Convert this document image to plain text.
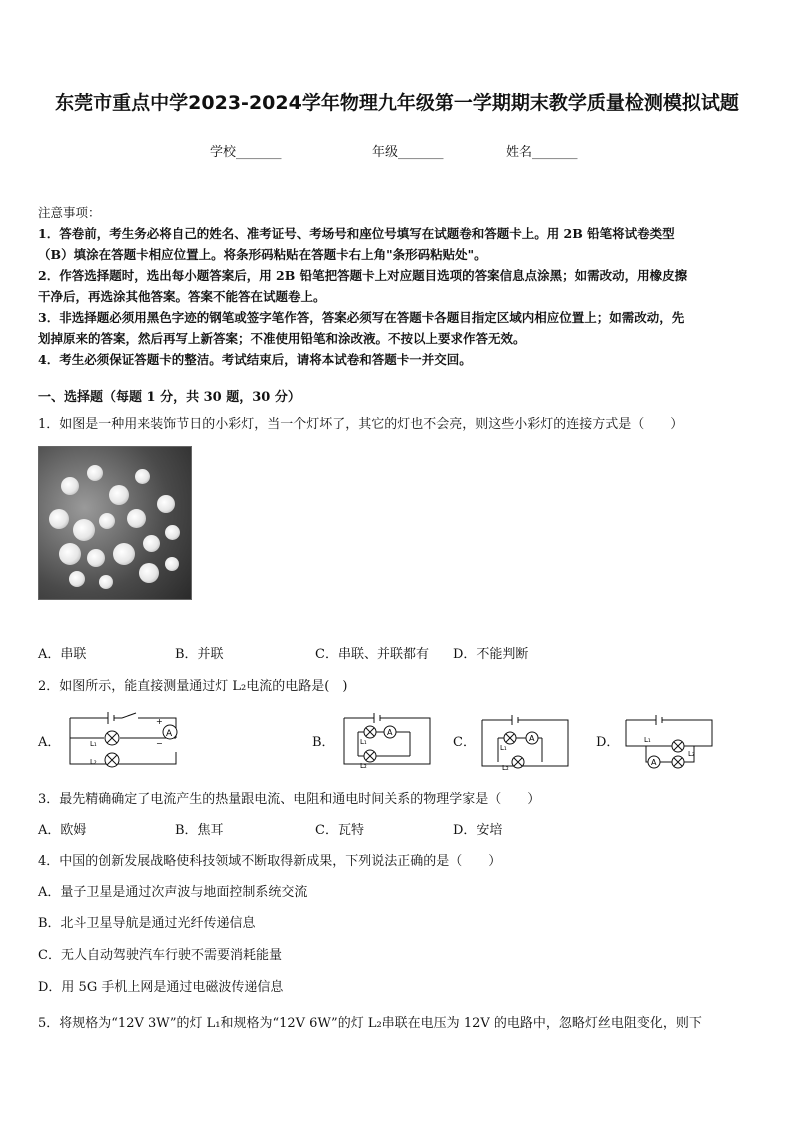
东莞市重点中学2023-2024学年物理九年级第一学期期末教学质量检测模拟试题
学校_______	年级_______	姓名_______
注意事项：
1．答卷前，考生务必将自己的姓名、准考证号、考场号和座位号填写在试题卷和答题卡上。用 2B 铅笔将试卷类型
（B）填涂在答题卡相应位置上。将条形码粘贴在答题卡右上角"条形码粘贴处"。
2．作答选择题时，选出每小题答案后，用 2B 铅笔把答题卡上对应题目选项的答案信息点涂黑；如需改动，用橡皮擦
干净后，再选涂其他答案。答案不能答在试题卷上。
3．非选择题必须用黑色字迹的钢笔或签字笔作答，答案必须写在答题卡各题目指定区域内相应位置上；如需改动，先
划掉原来的答案，然后再写上新答案；不准使用铅笔和涂改液。不按以上要求作答无效。
4．考生必须保证答题卡的整洁。考试结束后，请将本试卷和答题卡一并交回。
一、选择题（每题 1 分，共 30 题，30 分）
1．如图是一种用来装饰节日的小彩灯，当一个灯坏了，其它的灯也不会亮，则这些小彩灯的连接方式是（　　）
A．串联	B．并联	C．串联、并联都有 D．不能判断
2．如图所示，能直接测量通过灯 L₂电流的电路是(　)
A．
A
+
−
L₁
L₂
B．
A
L₁
L₂
C．	A
L₁
L₂
D．
A
L₁
L₂
3．最先精确确定了电流产生的热量跟电流、电阻和通电时间关系的物理学家是（　　）
A．欧姆	B．焦耳	C．瓦特	D．安培
4．中国的创新发展战略使科技领域不断取得新成果，下列说法正确的是（　　）
A．量子卫星是通过次声波与地面控制系统交流
B．北斗卫星导航是通过光纤传递信息
C．无人自动驾驶汽车行驶不需要消耗能量
D．用 5G 手机上网是通过电磁波传递信息
5．将规格为“12V 3W”的灯 L₁和规格为“12V 6W”的灯 L₂串联在电压为 12V 的电路中，忽略灯丝电阻变化，则下
